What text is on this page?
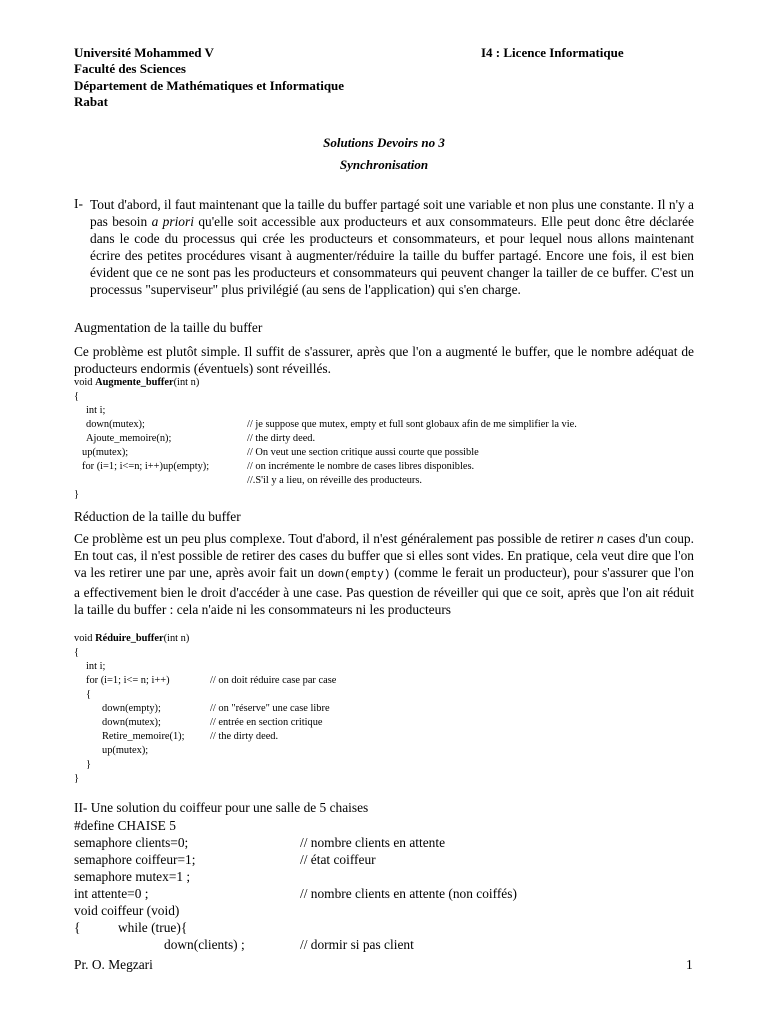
Université Mohammed V
Faculté des Sciences
Département de Mathématiques et Informatique
Rabat
I4 : Licence Informatique
Solutions Devoirs no 3
Synchronisation
I- Tout d'abord, il faut maintenant que la taille du buffer partagé soit une variable et non plus une constante. Il n'y a pas besoin a priori qu'elle soit accessible aux producteurs et aux consommateurs. Elle peut donc être déclarée dans le code du processus qui crée les producteurs et consommateurs, et pour lequel nous allons maintenant écrire des petites procédures visant à augmenter/réduire la taille du buffer partagé. Encore une fois, il est bien évident que ce ne sont pas les producteurs et consommateurs qui peuvent changer la tailler de ce buffer. C'est un processus "superviseur" plus privilégié (au sens de l'application) qui s'en charge.
Augmentation de la taille du buffer
Ce problème est plutôt simple. Il suffit de s'assurer, après que l'on a augmenté le buffer, que le nombre adéquat de producteurs endormis (éventuels) sont réveillés.
void Augmente_buffer(int n)
{
int i;
down(mutex);	// je suppose que mutex, empty et full sont globaux afin de me simplifier la vie.
Ajoute_memoire(n);	// the dirty deed.
up(mutex);	// On veut une section critique aussi courte que possible
for (i=1; i<=n; i++)up(empty);	// on incrémente le nombre de cases libres disponibles.
//.S'il y a lieu, on réveille des producteurs.
}
Réduction de la taille du buffer
Ce problème est un peu plus complexe. Tout d'abord, il n'est généralement pas possible de retirer n cases d'un coup. En tout cas, il n'est possible de retirer des cases du buffer que si elles sont vides. En pratique, cela veut dire que l'on va les retirer une par une, après avoir fait un down(empty) (comme le ferait un producteur), pour s'assurer que l'on a effectivement bien le droit d'accéder à une case. Pas question de réveiller qui que ce soit, après que l'on ait réduit la taille du buffer : cela n'aide ni les consommateurs ni les producteurs
void Réduire_buffer(int n)
{
int i;
for (i=1; i<= n; i++)	// on doit réduire case par case
{
down(empty);	// on "réserve" une case libre
down(mutex);	// entrée en section critique
Retire_memoire(1); // the dirty deed.
up(mutex);
}
}
II- Une solution du coiffeur pour une salle de 5 chaises
#define CHAISE 5
semaphore clients=0;	// nombre clients en attente
semaphore coiffeur=1;	// état coiffeur
semaphore mutex=1 ;
int attente=0 ;	// nombre clients en attente (non coiffés)
void coiffeur (void)
{	while (true){
down(clients) ;	// dormir si pas client
Pr. O. Megzari	1
